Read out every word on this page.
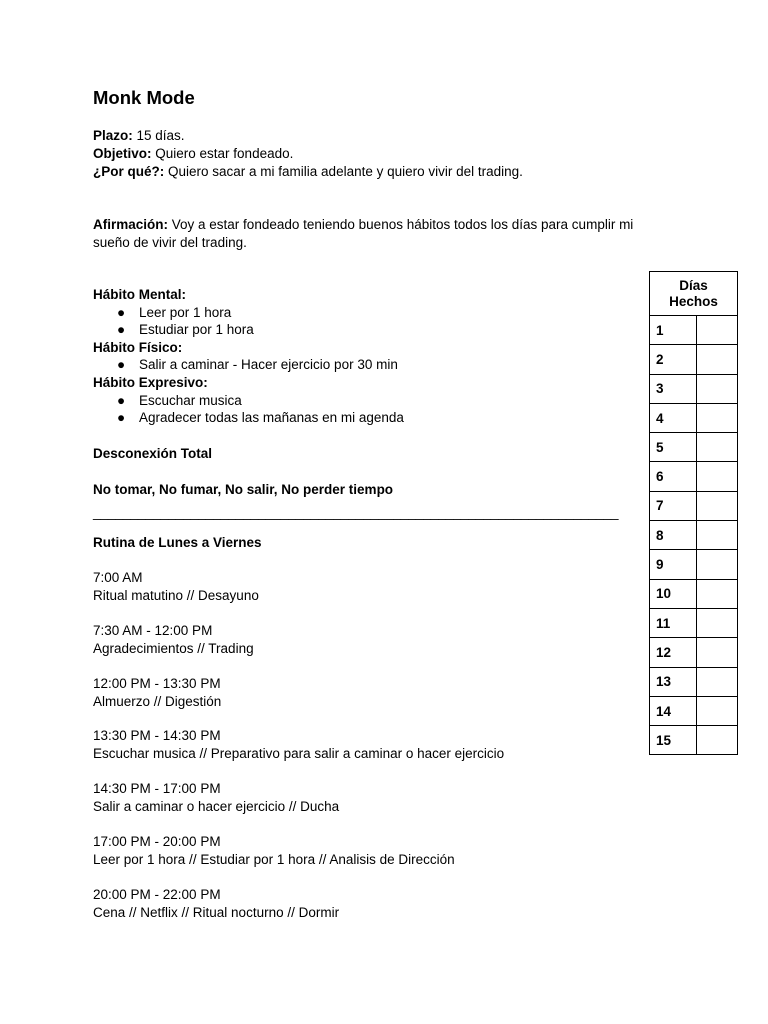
Monk Mode
Plazo: 15 días.
Objetivo: Quiero estar fondeado.
¿Por qué?: Quiero sacar a mi familia adelante y quiero vivir del trading.
Afirmación: Voy a estar fondeado teniendo buenos hábitos todos los días para cumplir mi sueño de vivir del trading.
Hábito Mental:
● Leer por 1 hora
● Estudiar por 1 hora
Hábito Físico:
● Salir a caminar - Hacer ejercicio por 30 min
Hábito Expresivo:
● Escuchar musica
● Agradecer todas las mañanas en mi agenda
Desconexión Total
No tomar, No fumar, No salir, No perder tiempo
______________________________________________________________________
Rutina de Lunes a Viernes
7:00 AM
Ritual matutino // Desayuno
7:30 AM - 12:00 PM
Agradecimientos // Trading
12:00 PM - 13:30 PM
Almuerzo // Digestión
13:30 PM - 14:30 PM
Escuchar musica // Preparativo para salir a caminar o hacer ejercicio
14:30 PM - 17:00 PM
Salir a caminar o hacer ejercicio // Ducha
17:00 PM - 20:00 PM
Leer por 1 hora // Estudiar por 1 hora // Analisis de Dirección
20:00 PM - 22:00 PM
Cena // Netflix // Ritual nocturno // Dormir
Días
Hechos	
1	
2	
3	
4	
5	
6	
7	
8	
9	
10	
11	
12	
13	
14	
15	
